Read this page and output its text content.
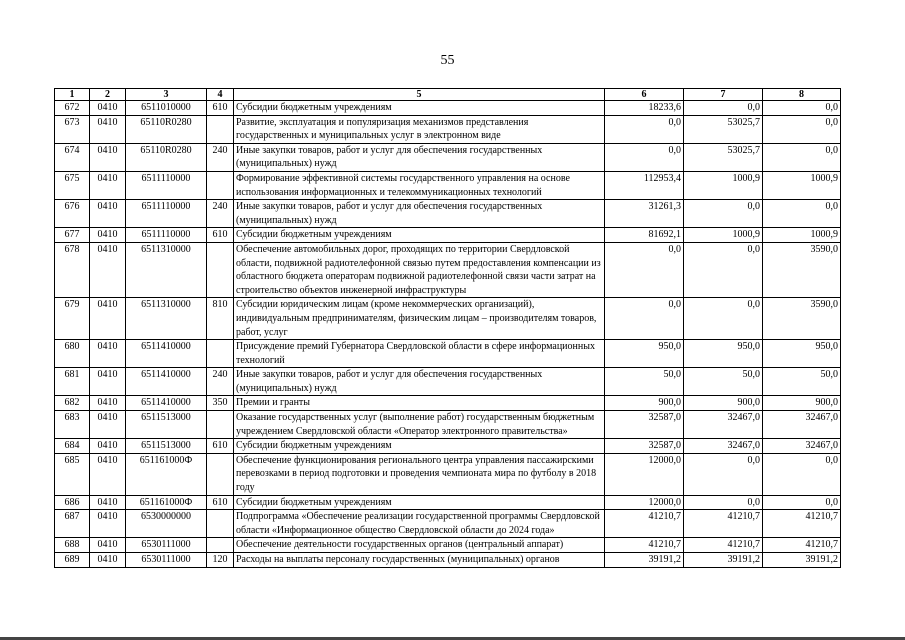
55
1	2	3	4	5	6	7	8
672	0410	6511010000	610	Субсидии бюджетным учреждениям	18233,6	0,0	0,0
673	0410	65110R0280		Развитие, эксплуатация и популяризация механизмов представления государственных и муниципальных услуг в электронном виде	0,0	53025,7	0,0
674	0410	65110R0280	240	Иные закупки товаров, работ и услуг для обеспечения государственных (муниципальных) нужд	0,0	53025,7	0,0
675	0410	6511110000		Формирование эффективной системы государственного управления на основе использования информационных и телекоммуникационных технологий	112953,4	1000,9	1000,9
676	0410	6511110000	240	Иные закупки товаров, работ и услуг для обеспечения государственных (муниципальных) нужд	31261,3	0,0	0,0
677	0410	6511110000	610	Субсидии бюджетным учреждениям	81692,1	1000,9	1000,9
678	0410	6511310000		Обеспечение автомобильных дорог, проходящих по территории Свердловской области, подвижной радиотелефонной связью путем предоставления компенсации из областного бюджета операторам подвижной радиотелефонной связи части затрат на строительство объектов инженерной инфраструктуры	0,0	0,0	3590,0
679	0410	6511310000	810	Субсидии юридическим лицам (кроме некоммерческих организаций), индивидуальным предпринимателям, физическим лицам – производителям товаров, работ, услуг	0,0	0,0	3590,0
680	0410	6511410000		Присуждение премий Губернатора Свердловской области в сфере информационных технологий	950,0	950,0	950,0
681	0410	6511410000	240	Иные закупки товаров, работ и услуг для обеспечения государственных (муниципальных) нужд	50,0	50,0	50,0
682	0410	6511410000	350	Премии и гранты	900,0	900,0	900,0
683	0410	6511513000		Оказание государственных услуг (выполнение работ) государственным бюджетным учреждением Свердловской области «Оператор электронного правительства»	32587,0	32467,0	32467,0
684	0410	6511513000	610	Субсидии бюджетным учреждениям	32587,0	32467,0	32467,0
685	0410	651161000Ф		Обеспечение функционирования регионального центра управления пассажирскими перевозками в период подготовки и проведения чемпионата мира по футболу в 2018 году	12000,0	0,0	0,0
686	0410	651161000Ф	610	Субсидии бюджетным учреждениям	12000,0	0,0	0,0
687	0410	6530000000		Подпрограмма «Обеспечение реализации государственной программы Свердловской области «Информационное общество Свердловской области до 2024 года»	41210,7	41210,7	41210,7
688	0410	6530111000		Обеспечение деятельности государственных органов (центральный аппарат)	41210,7	41210,7	41210,7
689	0410	6530111000	120	Расходы на выплаты персоналу государственных (муниципальных) органов	39191,2	39191,2	39191,2
